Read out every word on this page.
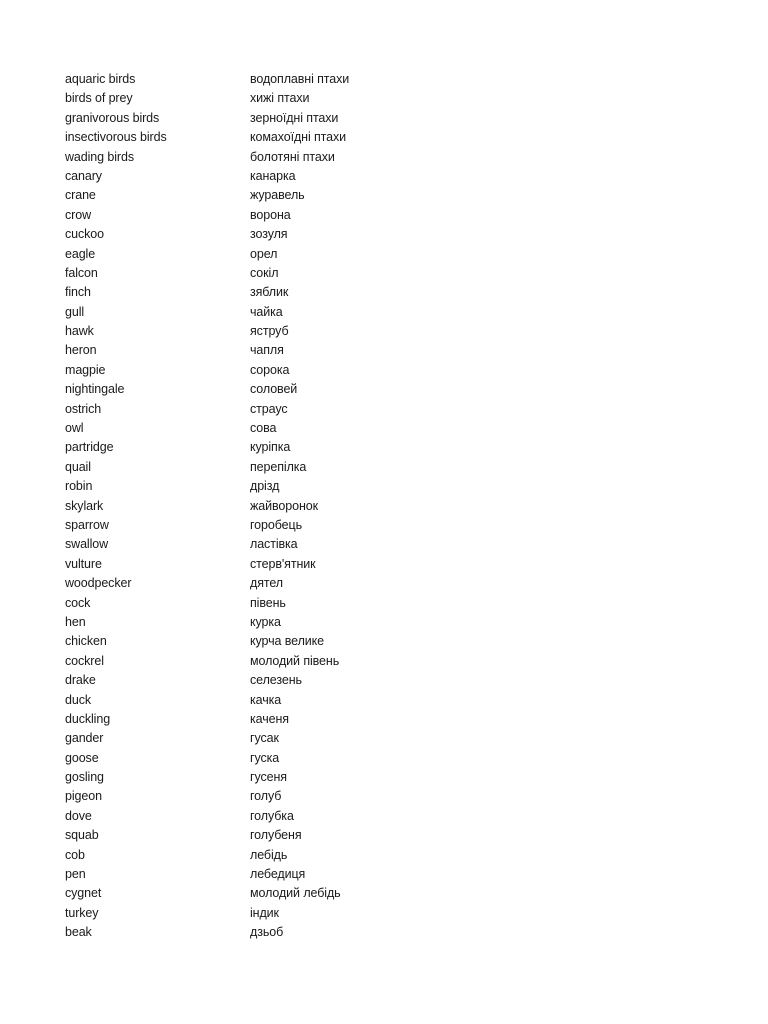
aquaric birds	водоплавні птахи
birds of prey	хижі птахи
granivorous birds	зерноїдні птахи
insectivorous birds	комахоїдні птахи
wading birds	болотяні птахи
canary	канарка
crane	журавель
crow	ворона
cuckoo	зозуля
eagle	орел
falcon	сокіл
finch	зяблик
gull	чайка
hawk	яструб
heron	чапля
magpie	сорока
nightingale	соловей
ostrich	страус
owl	сова
partridge	куріпка
quail	перепілка
robin	дрізд
skylark	жайворонок
sparrow	горобець
swallow	ластівка
vulture	стерв'ятник
woodpecker	дятел
cock	півень
hen	курка
chicken	курча велике
cockrel	молодий півень
drake	селезень
duck	качка
duckling	каченя
gander	гусак
goose	гуска
gosling	гусеня
pigeon	голуб
dove	голубка
squab	голубеня
cob	лебідь
pen	лебедиця
cygnet	молодий лебідь
turkey	індик
beak	дзьоб
